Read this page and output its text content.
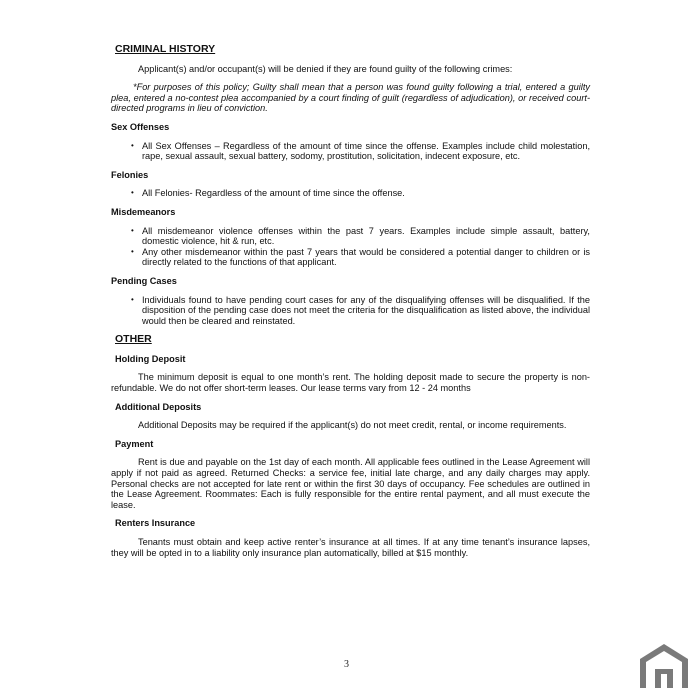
CRIMINAL HISTORY
Applicant(s) and/or occupant(s) will be denied if they are found guilty of the following crimes:
*For purposes of this policy; Guilty shall mean that a person was found guilty following a trial, entered a guilty plea, entered a no-contest plea accompanied by a court finding of guilt (regardless of adjudication), or received court-directed programs in lieu of conviction.
Sex Offenses
• All Sex Offenses – Regardless of the amount of time since the offense. Examples include child molestation, rape, sexual assault, sexual battery, sodomy, prostitution, solicitation, indecent exposure, etc.
Felonies
• All Felonies- Regardless of the amount of time since the offense.
Misdemeanors
• All misdemeanor violence offenses within the past 7 years. Examples include simple assault, battery, domestic violence, hit & run, etc.
• Any other misdemeanor within the past 7 years that would be considered a potential danger to children or is directly related to the functions of that applicant.
Pending Cases
• Individuals found to have pending court cases for any of the disqualifying offenses will be disqualified. If the disposition of the pending case does not meet the criteria for the disqualification as listed above, the individual would then be cleared and reinstated.
OTHER
Holding Deposit
The minimum deposit is equal to one month’s rent. The holding deposit made to secure the property is non- refundable. We do not offer short-term leases. Our lease terms vary from 12 - 24 months
Additional Deposits
Additional Deposits may be required if the applicant(s) do not meet credit, rental, or income requirements.
Payment
Rent is due and payable on the 1st day of each month. All applicable fees outlined in the Lease Agreement will apply if not paid as agreed. Returned Checks: a service fee, initial late charge, and any daily charges may apply. Personal checks are not accepted for late rent or within the first 30 days of occupancy. Fee schedules are outlined in the Lease Agreement. Roommates: Each is fully responsible for the entire rental payment, and all must execute the lease.
Renters Insurance
Tenants must obtain and keep active renter’s insurance at all times. If at any time tenant’s insurance lapses, they will be opted in to a liability only insurance plan automatically, billed at $15 monthly.
3
